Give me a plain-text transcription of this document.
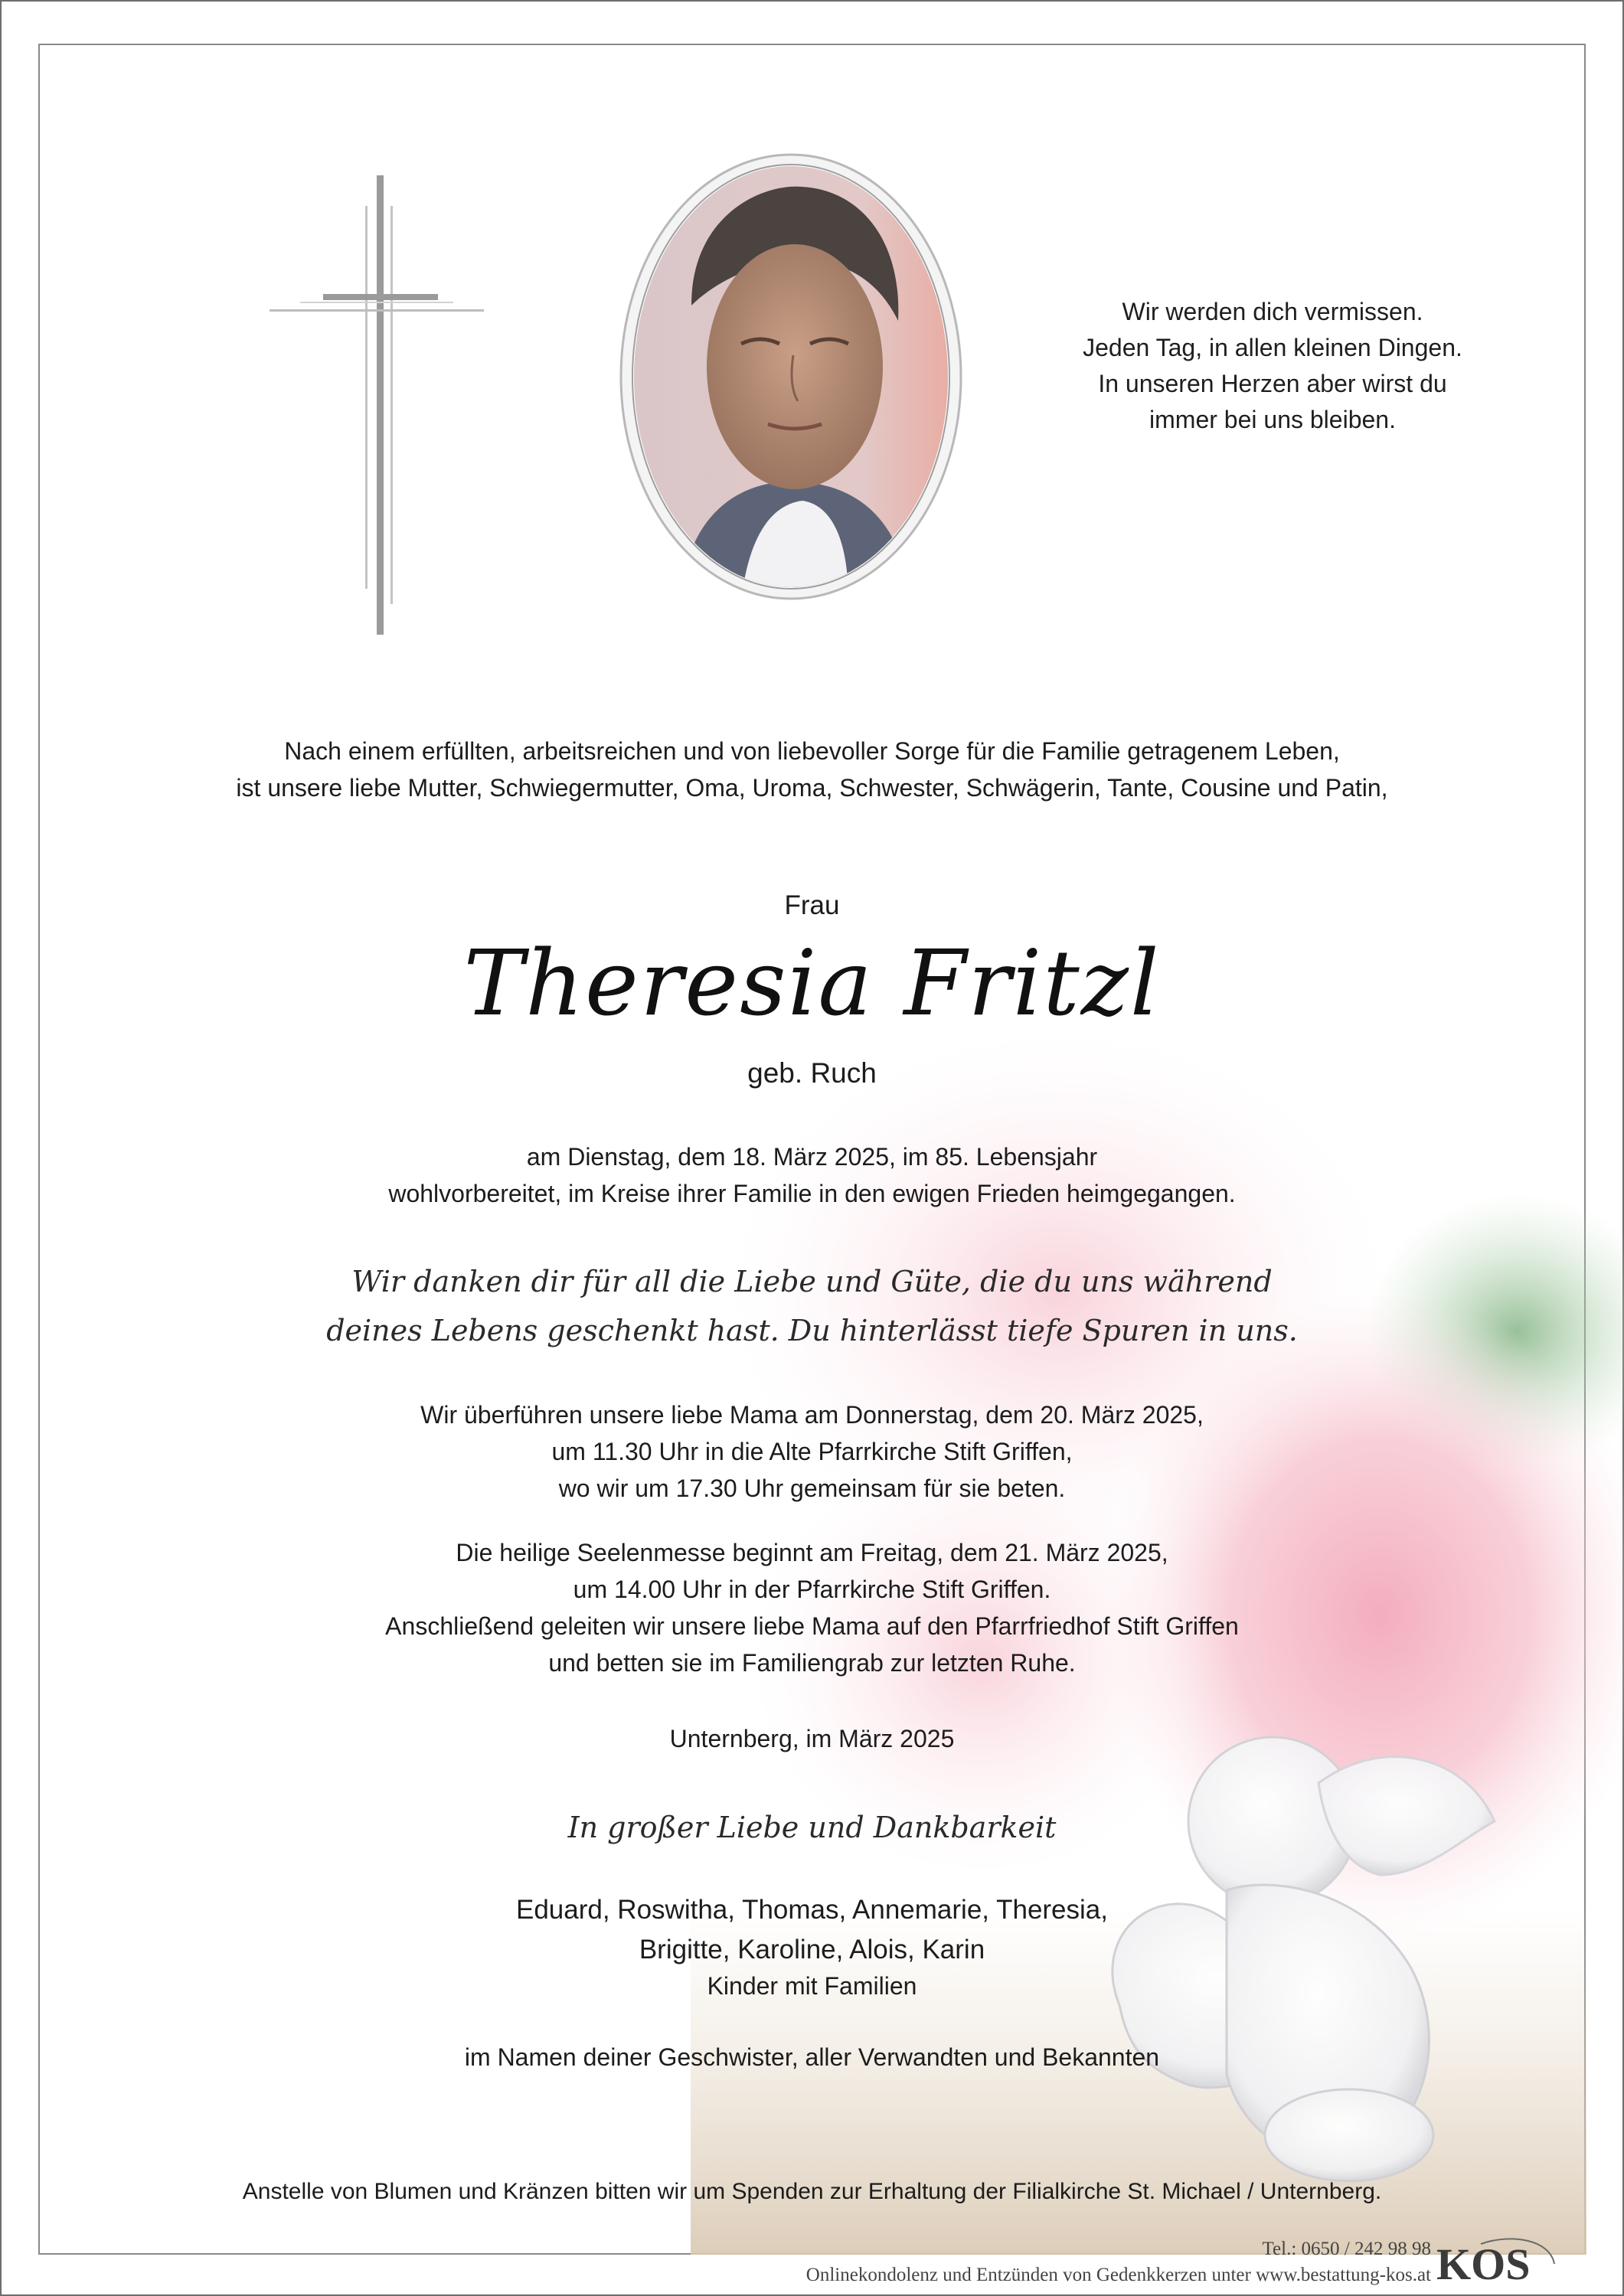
Wir werden dich vermissen.
Jeden Tag, in allen kleinen Dingen.
In unseren Herzen aber wirst du
immer bei uns bleiben.
Nach einem erfüllten, arbeitsreichen und von liebevoller Sorge für die Familie getragenem Leben,
ist unsere liebe Mutter, Schwiegermutter, Oma, Uroma, Schwester, Schwägerin, Tante, Cousine und Patin,
Frau
Theresia Fritzl
geb. Ruch
am Dienstag, dem 18. März 2025, im 85. Lebensjahr
wohlvorbereitet, im Kreise ihrer Familie in den ewigen Frieden heimgegangen.
Wir danken dir für all die Liebe und Güte, die du uns während
deines Lebens geschenkt hast. Du hinterlässt tiefe Spuren in uns.
Wir überführen unsere liebe Mama am Donnerstag, dem 20. März 2025,
um 11.30 Uhr in die Alte Pfarrkirche Stift Griffen,
wo wir um 17.30 Uhr gemeinsam für sie beten.
Die heilige Seelenmesse beginnt am Freitag, dem 21. März 2025,
um 14.00 Uhr in der Pfarrkirche Stift Griffen.
Anschließend geleiten wir unsere liebe Mama auf den Pfarrfriedhof Stift Griffen
und betten sie im Familiengrab zur letzten Ruhe.
Unternberg, im März 2025
In großer Liebe und Dankbarkeit
Eduard, Roswitha, Thomas, Annemarie, Theresia,
Brigitte, Karoline, Alois, Karin
Kinder mit Familien
im Namen deiner Geschwister, aller Verwandten und Bekannten
Anstelle von Blumen und Kränzen bitten wir um Spenden zur Erhaltung der Filialkirche St. Michael / Unternberg.
Tel.: 0650 / 242 98 98
Onlinekondolenz und Entzünden von Gedenkkerzen unter www.bestattung-kos.at KOS
